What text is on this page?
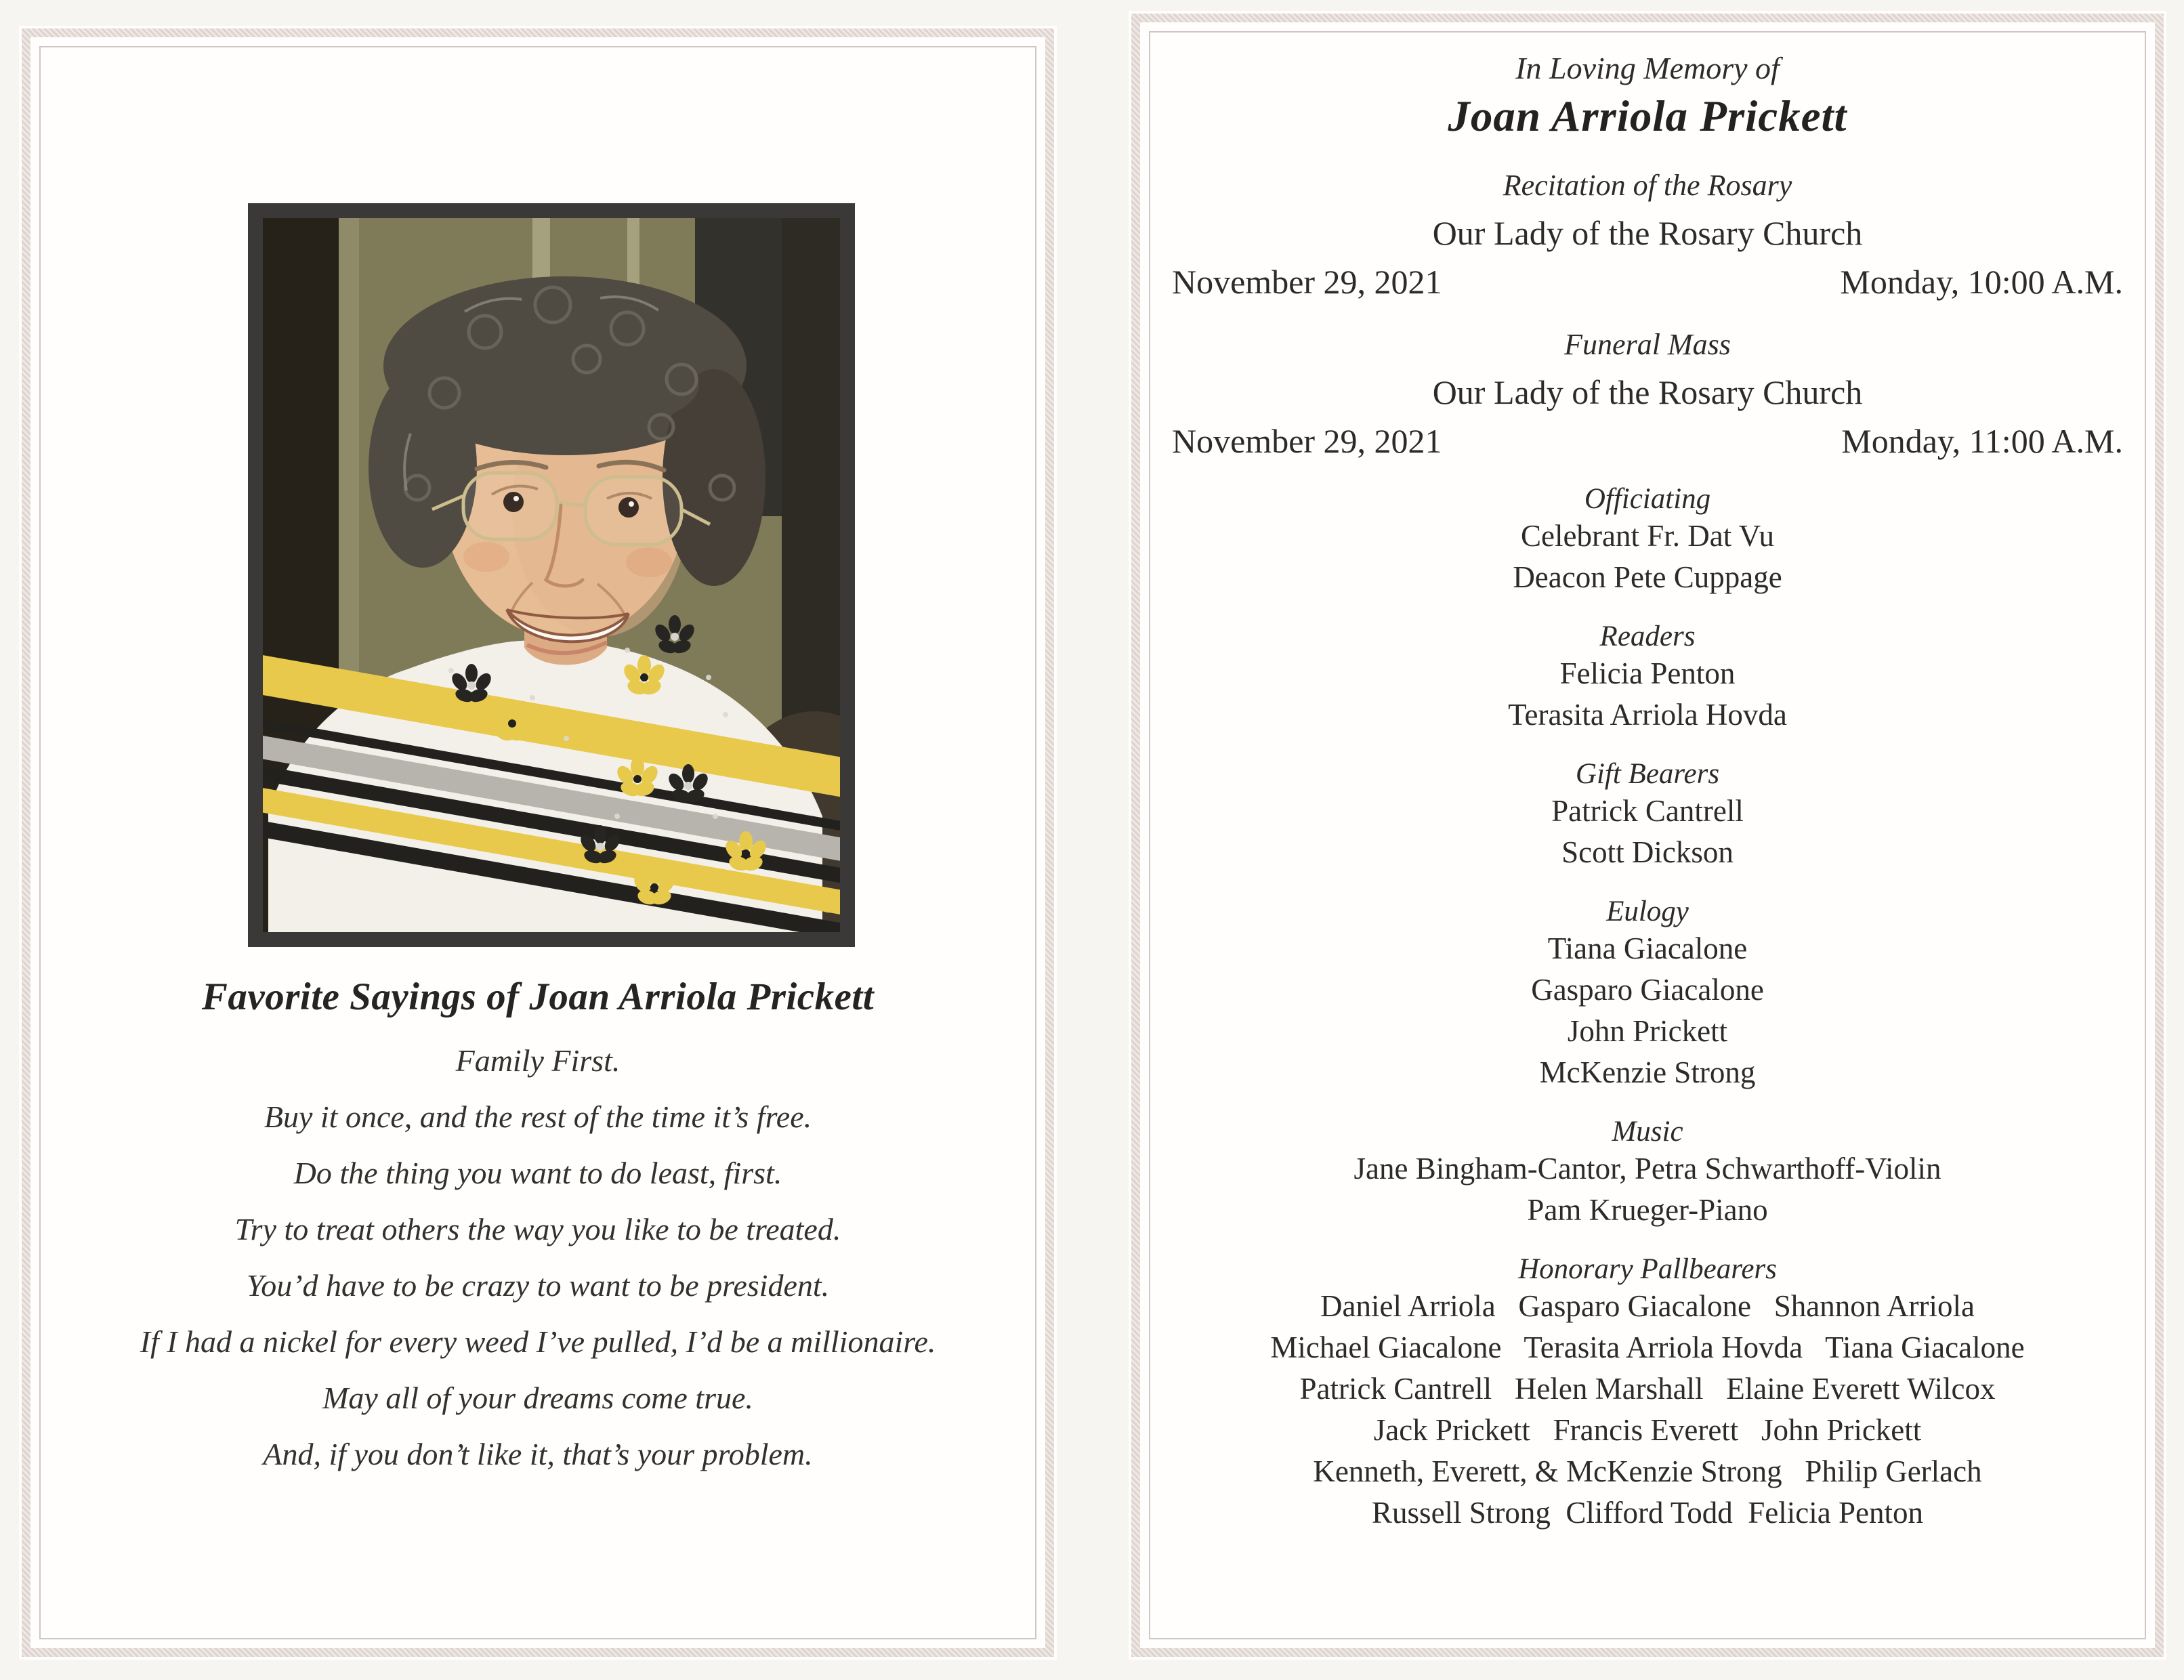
Favorite Sayings of Joan Arriola Prickett
Family First.
Buy it once, and the rest of the time it’s free.
Do the thing you want to do least, first.
Try to treat others the way you like to be treated.
You’d have to be crazy to want to be president.
If I had a nickel for every weed I’ve pulled, I’d be a millionaire.
May all of your dreams come true.
And, if you don’t like it, that’s your problem.
In Loving Memory of
Joan Arriola Prickett
Recitation of the Rosary
Our Lady of the Rosary Church
November 29, 2021	Monday, 10:00 A.M.
Funeral Mass
Our Lady of the Rosary Church
November 29, 2021	Monday, 11:00 A.M.
Officiating
Celebrant Fr. Dat Vu
Deacon Pete Cuppage
Readers
Felicia Penton
Terasita Arriola Hovda
Gift Bearers
Patrick Cantrell
Scott Dickson
Eulogy
Tiana Giacalone
Gasparo Giacalone
John Prickett
McKenzie Strong
Music
Jane Bingham-Cantor, Petra Schwarthoff-Violin
Pam Krueger-Piano
Honorary Pallbearers
Daniel Arriola   Gasparo Giacalone   Shannon Arriola
Michael Giacalone   Terasita Arriola Hovda   Tiana Giacalone
Patrick Cantrell   Helen Marshall   Elaine Everett Wilcox
Jack Prickett   Francis Everett   John Prickett
Kenneth, Everett, & McKenzie Strong   Philip Gerlach
Russell Strong  Clifford Todd  Felicia Penton
